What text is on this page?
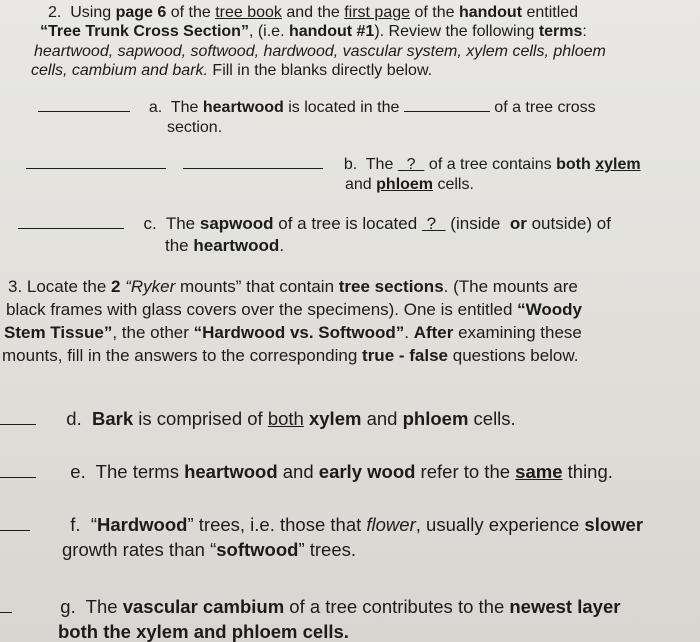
2. Using page 6 of the tree book and the first page of the handout entitled
“Tree Trunk Cross Section”, (i.e. handout #1). Review the following terms:
heartwood, sapwood, softwood, hardwood, vascular system, xylem cells, phloem
cells, cambium and bark. Fill in the blanks directly below.
a. The heartwood is located in the	of a tree cross
section.
b. The   ?   of a tree contains both xylem
and phloem cells.
c. The sapwood of a tree is located  ?   (inside  or outside) of
the heartwood.
3. Locate the 2 “Ryker mounts” that contain tree sections. (The mounts are
black frames with glass covers over the specimens). One is entitled “Woody
Stem Tissue”, the other “Hardwood vs. Softwood”. After examining these
mounts, fill in the answers to the corresponding true - false questions below.
d. Bark is comprised of both xylem and phloem cells.
e. The terms heartwood and early wood refer to the same thing.
f. “Hardwood” trees, i.e. those that flower, usually experience slower
growth rates than “softwood” trees.
g. The vascular cambium of a tree contributes to the newest layer
both the xylem and phloem cells.
